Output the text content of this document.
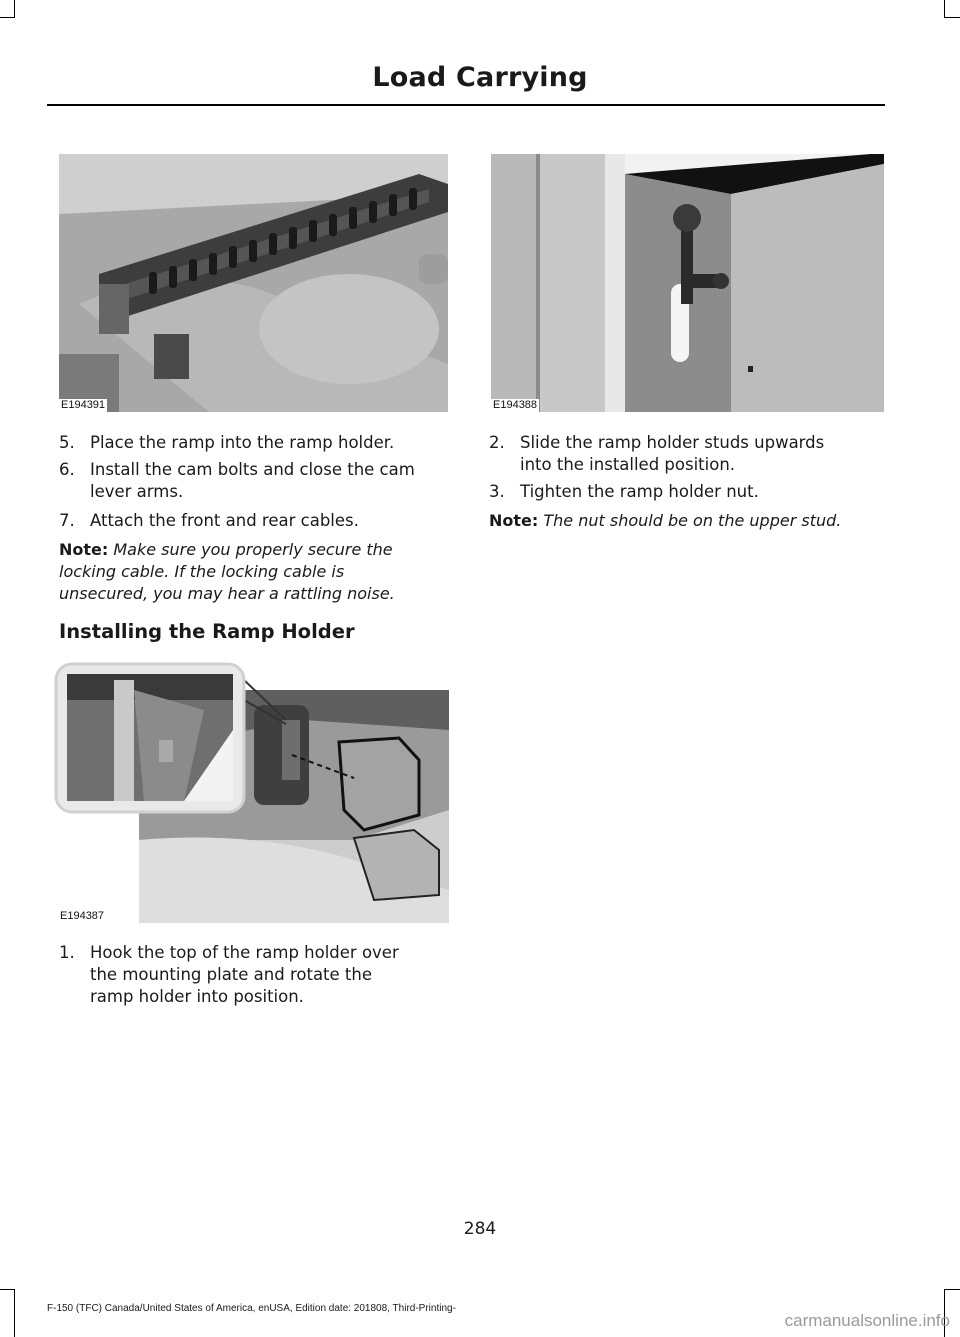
Load Carrying
E194391	E194388
5. Place the ramp into the ramp holder.
6. Install the cam bolts and close the cam
lever arms.
7. Attach the front and rear cables.
Note: Make sure you properly secure the
locking cable. If the locking cable is
unsecured, you may hear a rattling noise.
Installing the Ramp Holder
E194387
1. Hook the top of the ramp holder over
the mounting plate and rotate the
ramp holder into position.
2. Slide the ramp holder studs upwards
into the installed position.
3. Tighten the ramp holder nut.
Note: The nut should be on the upper stud.
284
F-150 (TFC) Canada/United States of America, enUSA, Edition date: 201808, Third-Printing-
carmanualsonline.info
